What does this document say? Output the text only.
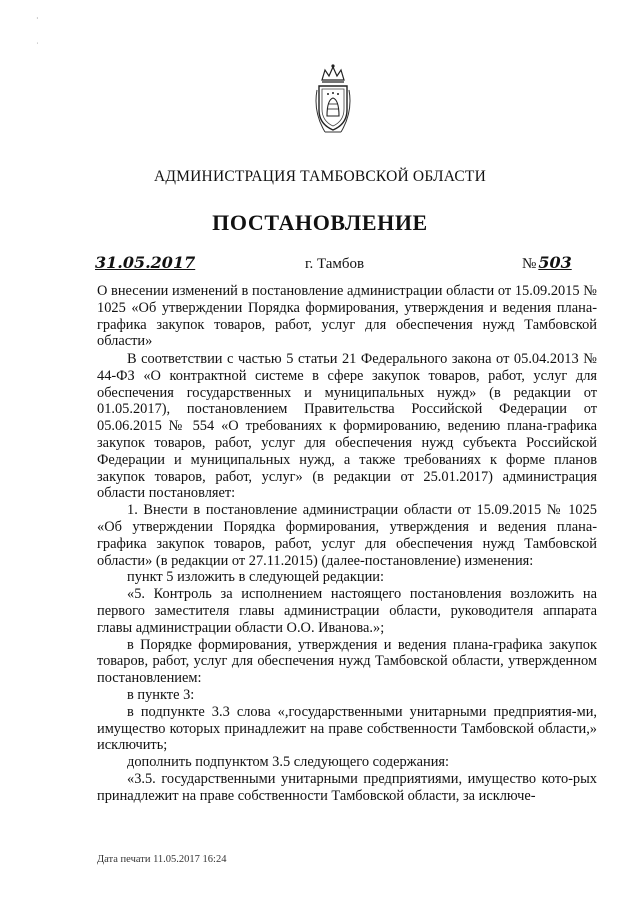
·

˙
АДМИНИСТРАЦИЯ ТАМБОВСКОЙ ОБЛАСТИ
ПОСТАНОВЛЕНИЕ
31.05.2017	г. Тамбов	№ 503

О внесении изменений в постановление администрации области от 15.09.2015 № 1025 «Об утверждении Порядка формирования, утверждения и ведения плана-графика закупок товаров, работ, услуг для обеспечения нужд Тамбовской области»

В соответствии с частью 5 статьи 21 Федерального закона от 05.04.2013 № 44-ФЗ «О контрактной системе в сфере закупок товаров, работ, услуг для обеспечения государственных и муниципальных нужд» (в редакции от 01.05.2017), постановлением Правительства Российской Федерации от 05.06.2015 № 554 «О требованиях к формированию, ведению плана-графика закупок товаров, работ, услуг для обеспечения нужд субъекта Российской Федерации и муниципальных нужд, а также требованиях к форме планов закупок товаров, работ, услуг» (в редакции от 25.01.2017) администрация области постановляет:

1. Внести в постановление администрации области от 15.09.2015 № 1025 «Об утверждении Порядка формирования, утверждения и ведения плана-графика закупок товаров, работ, услуг для обеспечения нужд Тамбовской области» (в редакции от 27.11.2015) (далее-постановление) изменения:

пункт 5 изложить в следующей редакции:

«5. Контроль за исполнением настоящего постановления возложить на первого заместителя главы администрации области, руководителя аппарата главы администрации области О.О. Иванова.»;

в Порядке формирования, утверждения и ведения плана-графика закупок товаров, работ, услуг для обеспечения нужд Тамбовской области, утвержденном постановлением:

в пункте 3:

в подпункте 3.3 слова «,государственными унитарными предприятия-ми, имущество которых принадлежит на праве собственности Тамбовской области,» исключить;

дополнить подпунктом 3.5 следующего содержания:

«3.5. государственными унитарными предприятиями, имущество кото-рых принадлежит на праве собственности Тамбовской области, за исключе-

Дата печати 11.05.2017 16:24
